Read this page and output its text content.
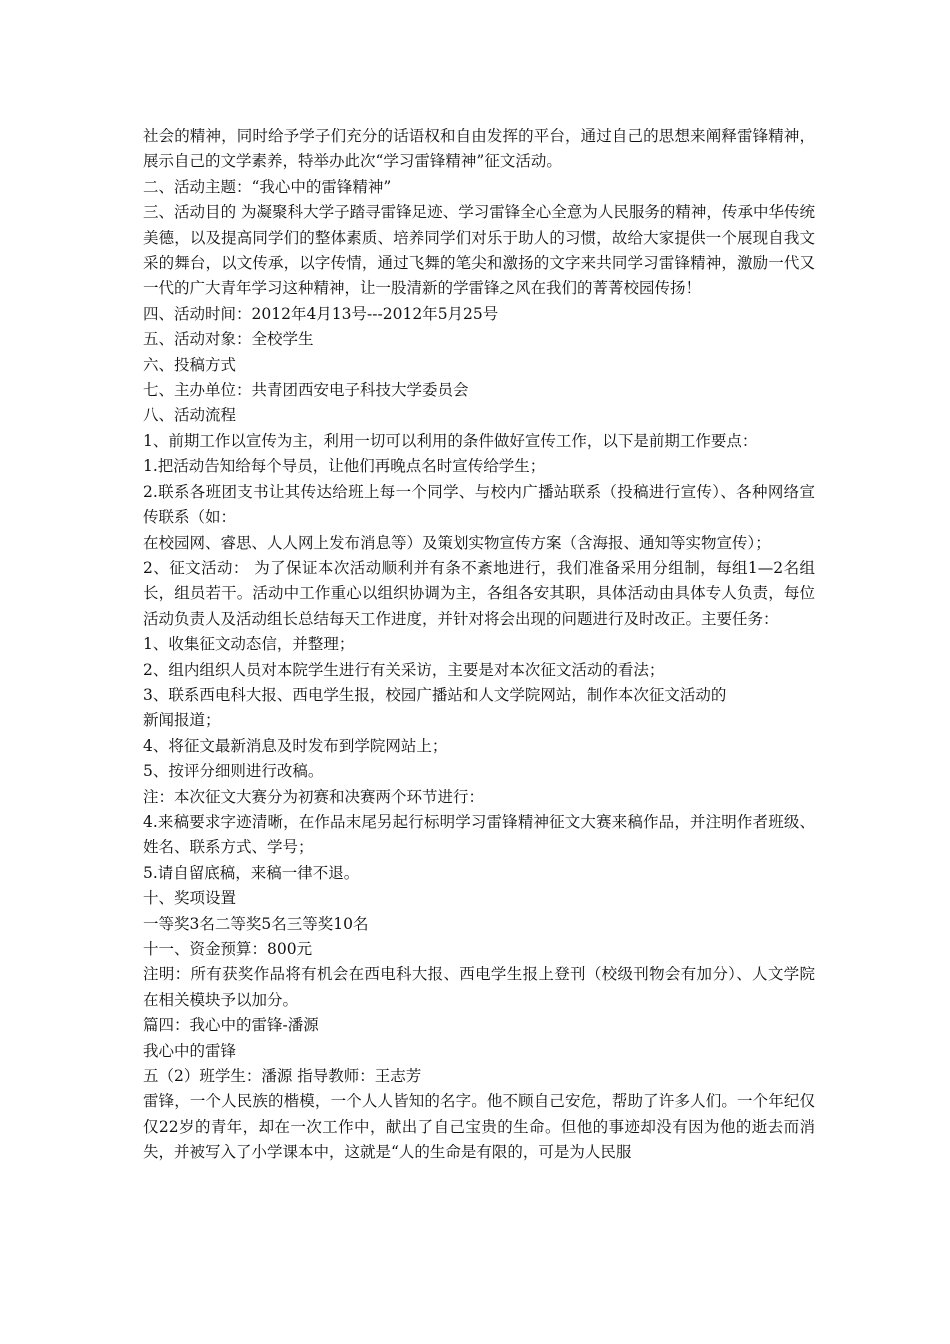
社会的精神，同时给予学子们充分的话语权和自由发挥的平台，通过自己的思想来阐释雷锋精神，展示自己的文学素养，特举办此次“学习雷锋精神”征文活动。

二、活动主题：“我心中的雷锋精神”

三、活动目的 为凝聚科大学子踏寻雷锋足迹、学习雷锋全心全意为人民服务的精神，传承中华传统美德，以及提高同学们的整体素质、培养同学们对乐于助人的习惯，故给大家提供一个展现自我文采的舞台，以文传承，以字传情，通过飞舞的笔尖和激扬的文字来共同学习雷锋精神，激励一代又一代的广大青年学习这种精神，让一股清新的学雷锋之风在我们的菁菁校园传扬！

四、活动时间：2012年4月13号---2012年5月25号

五、活动对象：全校学生

六、投稿方式

七、主办单位：共青团西安电子科技大学委员会

八、活动流程

1、前期工作以宣传为主，利用一切可以利用的条件做好宣传工作，以下是前期工作要点：

1.把活动告知给每个导员，让他们再晚点名时宣传给学生；

2.联系各班团支书让其传达给班上每一个同学、与校内广播站联系（投稿进行宣传）、各种网络宣传联系（如：

在校园网、睿思、人人网上发布消息等）及策划实物宣传方案（含海报、通知等实物宣传）；

2、征文活动： 为了保证本次活动顺利并有条不紊地进行，我们准备采用分组制，每组1—2名组长，组员若干。活动中工作重心以组织协调为主，各组各安其职，具体活动由具体专人负责，每位活动负责人及活动组长总结每天工作进度，并针对将会出现的问题进行及时改正。主要任务：

1、收集征文动态信，并整理；

2、组内组织人员对本院学生进行有关采访，主要是对本次征文活动的看法；

3、联系西电科大报、西电学生报，校园广播站和人文学院网站，制作本次征文活动的

新闻报道；

4、将征文最新消息及时发布到学院网站上；

5、按评分细则进行改稿。

注：本次征文大赛分为初赛和决赛两个环节进行：

4.来稿要求字迹清晰，在作品末尾另起行标明学习雷锋精神征文大赛来稿作品，并注明作者班级、姓名、联系方式、学号；

5.请自留底稿，来稿一律不退。

十、奖项设置

一等奖3名二等奖5名三等奖10名

十一、资金预算：800元

注明：所有获奖作品将有机会在西电科大报、西电学生报上登刊（校级刊物会有加分）、人文学院在相关模块予以加分。

篇四：我心中的雷锋-潘源

我心中的雷锋

五（2）班学生：潘源 指导教师：王志芳

雷锋，一个人民族的楷模，一个人人皆知的名字。他不顾自己安危，帮助了许多人们。一个年纪仅仅22岁的青年，却在一次工作中，献出了自己宝贵的生命。但他的事迹却没有因为他的逝去而消失，并被写入了小学课本中，这就是“人的生命是有限的，可是为人民服
